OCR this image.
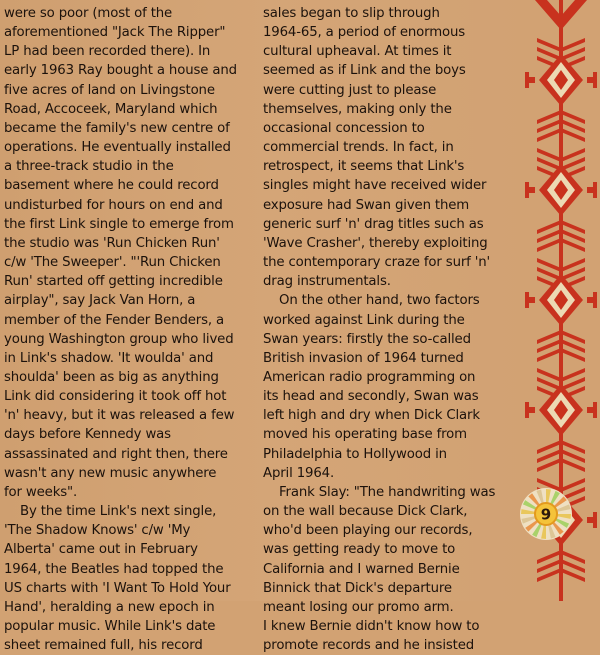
were so poor (most of the
aforementioned "Jack The Ripper"
LP had been recorded there). In
early 1963 Ray bought a house and
five acres of land on Livingstone
Road, Accoceek, Maryland which
became the family's new centre of
operations. He eventually installed
a three-track studio in the
basement where he could record
undisturbed for hours on end and
the first Link single to emerge from
the studio was 'Run Chicken Run'
c/w 'The Sweeper'. "'Run Chicken
Run' started off getting incredible
airplay", say Jack Van Horn, a
member of the Fender Benders, a
young Washington group who lived
in Link's shadow. 'It woulda' and
shoulda' been as big as anything
Link did considering it took off hot
'n' heavy, but it was released a few
days before Kennedy was
assassinated and right then, there
wasn't any new music anywhere
for weeks".

By the time Link's next single,
'The Shadow Knows' c/w 'My
Alberta' came out in February
1964, the Beatles had topped the
US charts with 'I Want To Hold Your
Hand', heralding a new epoch in
popular music. While Link's date
sheet remained full, his record

sales began to slip through
1964-65, a period of enormous
cultural upheaval. At times it
seemed as if Link and the boys
were cutting just to please
themselves, making only the
occasional concession to
commercial trends. In fact, in
retrospect, it seems that Link's
singles might have received wider
exposure had Swan given them
generic surf 'n' drag titles such as
'Wave Crasher', thereby exploiting
the contemporary craze for surf 'n'
drag instrumentals.

On the other hand, two factors
worked against Link during the
Swan years: firstly the so-called
British invasion of 1964 turned
American radio programming on
its head and secondly, Swan was
left high and dry when Dick Clark
moved his operating base from
Philadelphia to Hollywood in
April 1964.

Frank Slay: "The handwriting was
on the wall because Dick Clark,
who'd been playing our records,
was getting ready to move to
California and I warned Bernie
Binnick that Dick's departure
meant losing our promo arm.
I knew Bernie didn't know how to
promote records and he insisted

9
